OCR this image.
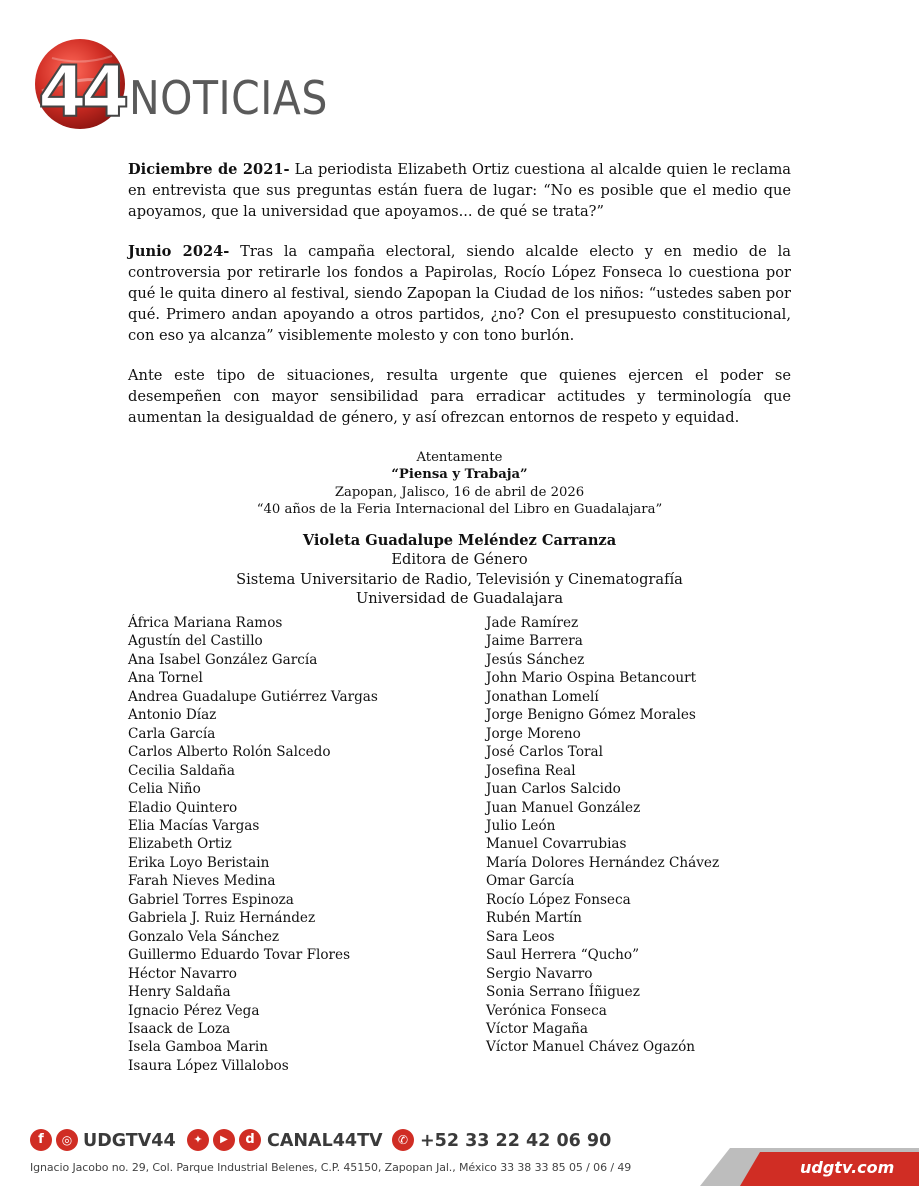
44 NOTICIAS

Diciembre de 2021- La periodista Elizabeth Ortiz cuestiona al alcalde quien le reclama en entrevista que sus preguntas están fuera de lugar: “No es posible que el medio que apoyamos, que la universidad que apoyamos... de qué se trata?”

Junio 2024- Tras la campaña electoral, siendo alcalde electo y en medio de la controversia por retirarle los fondos a Papirolas, Rocío López Fonseca lo cuestiona por qué le quita dinero al festival, siendo Zapopan la Ciudad de los niños: “ustedes saben por qué. Primero andan apoyando a otros partidos, ¿no? Con el presupuesto constitucional, con eso ya alcanza” visiblemente molesto y con tono burlón.

Ante este tipo de situaciones, resulta urgente que quienes ejercen el poder se desempeñen con mayor sensibilidad para erradicar actitudes y terminología que aumentan la desigualdad de género, y así ofrezcan entornos de respeto y equidad.

Atentamente
“Piensa y Trabaja”
Zapopan, Jalisco, 16 de abril de 2026
“40 años de la Feria Internacional del Libro en Guadalajara”
Violeta Guadalupe Meléndez Carranza
Editora de Género
Sistema Universitario de Radio, Televisión y Cinematografía
Universidad de Guadalajara
África Mariana Ramos
Agustín del Castillo
Ana Isabel González García
Ana Tornel
Andrea Guadalupe Gutiérrez Vargas
Antonio Díaz
Carla García
Carlos Alberto Rolón Salcedo
Cecilia Saldaña
Celia Niño
Eladio Quintero
Elia Macías Vargas
Elizabeth Ortiz
Erika Loyo Beristain
Farah Nieves Medina
Gabriel Torres Espinoza
Gabriela J. Ruiz Hernández
Gonzalo Vela Sánchez
Guillermo Eduardo Tovar Flores
Héctor Navarro
Henry Saldaña
Ignacio Pérez Vega
Isaack de Loza
Isela Gamboa Marin
Isaura López Villalobos
Jade Ramírez
Jaime Barrera
Jesús Sánchez
John Mario Ospina Betancourt
Jonathan Lomelí
Jorge Benigno Gómez Morales
Jorge Moreno
José Carlos Toral
Josefina Real
Juan Carlos Salcido
Juan Manuel González
Julio León
Manuel Covarrubias
María Dolores Hernández Chávez
Omar García
Rocío López Fonseca
Rubén Martín
Sara Leos
Saul Herrera “Qucho”
Sergio Navarro
Sonia Serrano Íñiguez
Verónica Fonseca
Víctor Magaña
Víctor Manuel Chávez Ogazón
f	◎ UDGTV44	✦	▶	d CANAL44TV	✆ +52 33 22 42 06 90
Ignacio Jacobo no. 29, Col. Parque Industrial Belenes, C.P. 45150, Zapopan Jal., México 33 38 33 85 05 / 06 / 49	udgtv.com
